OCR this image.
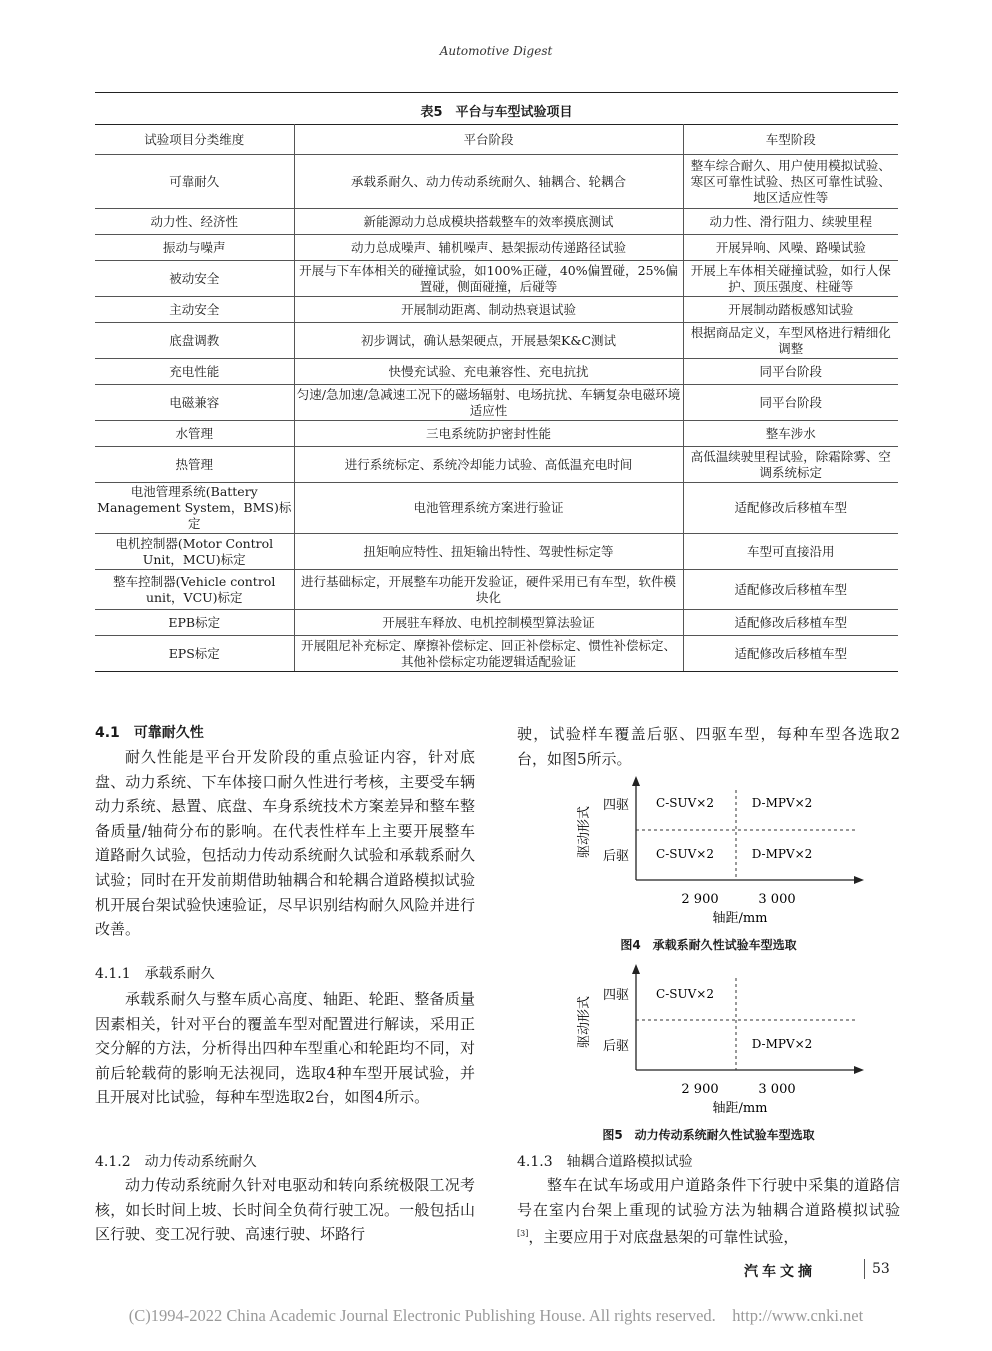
Automotive Digest
表5　平台与车型试验项目
试验项目分类维度	平台阶段	车型阶段
可靠耐久	承载系耐久、动力传动系统耐久、轴耦合、轮耦合	整车综合耐久、用户使用模拟试验、寒区可靠性试验、热区可靠性试验、地区适应性等
动力性、经济性	新能源动力总成模块搭载整车的效率摸底测试	动力性、滑行阻力、续驶里程
振动与噪声	动力总成噪声、辅机噪声、悬架振动传递路径试验	开展异响、风噪、路噪试验
被动安全	开展与下车体相关的碰撞试验，如100%正碰，40%偏置碰，25%偏置碰，侧面碰撞，后碰等	开展上车体相关碰撞试验，如行人保护、顶压强度、柱碰等
主动安全	开展制动距离、制动热衰退试验	开展制动踏板感知试验
底盘调教	初步调试，确认悬架硬点，开展悬架K&C测试	根据商品定义，车型风格进行精细化调整
充电性能	快慢充试验、充电兼容性、充电抗扰	同平台阶段
电磁兼容	匀速/急加速/急减速工况下的磁场辐射、电场抗扰、车辆复杂电磁环境适应性	同平台阶段
水管理	三电系统防护密封性能	整车涉水
热管理	进行系统标定、系统冷却能力试验、高低温充电时间	高低温续驶里程试验，除霜除雾、空调系统标定
电池管理系统(Battery Management System，BMS)标定	电池管理系统方案进行验证	适配修改后移植车型
电机控制器(Motor Control Unit，MCU)标定	扭矩响应特性、扭矩输出特性、驾驶性标定等	车型可直接沿用
整车控制器(Vehicle control unit，VCU)标定	进行基础标定，开展整车功能开发验证，硬件采用已有车型，软件模块化	适配修改后移植车型
EPB标定	开展驻车释放、电机控制模型算法验证	适配修改后移植车型
EPS标定	开展阻尼补充标定、摩擦补偿标定、回正补偿标定、惯性补偿标定、其他补偿标定功能逻辑适配验证	适配修改后移植车型
4.1　可靠耐久性
耐久性能是平台开发阶段的重点验证内容，针对底盘、动力系统、下车体接口耐久性进行考核，主要受车辆动力系统、悬置、底盘、车身系统技术方案差异和整车整备质量/轴荷分布的影响。在代表性样车上主要开展整车道路耐久试验，包括动力传动系统耐久试验和承载系耐久试验；同时在开发前期借助轴耦合和轮耦合道路模拟试验机开展台架试验快速验证，尽早识别结构耐久风险并进行改善。
4.1.1　承载系耐久
承载系耐久与整车质心高度、轴距、轮距、整备质量因素相关，针对平台的覆盖车型对配置进行解读，采用正交分解的方法，分析得出四种车型重心和轮距均不同，对前后轮载荷的影响无法视同，选取4种车型开展试验，并且开展对比试验，每种车型选取2台，如图4所示。
4.1.2　动力传动系统耐久
动力传动系统耐久针对电驱动和转向系统极限工况考核，如长时间上坡、长时间全负荷行驶工况。一般包括山区行驶、变工况行驶、高速行驶、坏路行
驶，试验样车覆盖后驱、四驱车型，每种车型各选取2台，如图5所示。
驱动形式
四驱
后驱
C-SUV×2	D-MPV×2
C-SUV×2	D-MPV×2
2 900	3 000
轴距/mm
图4　承载系耐久性试验车型选取
驱动形式
四驱
后驱
C-SUV×2
D-MPV×2
2 900	3 000
轴距/mm
图5　动力传动系统耐久性试验车型选取
4.1.3　轴耦合道路模拟试验
整车在试车场或用户道路条件下行驶中采集的道路信号在室内台架上重现的试验方法为轴耦合道路模拟试验[3]，主要应用于对底盘悬架的可靠性试验，
汽车文摘	53
(C)1994-2022 China Academic Journal Electronic Publishing House. All rights reserved.　http://www.cnki.net
